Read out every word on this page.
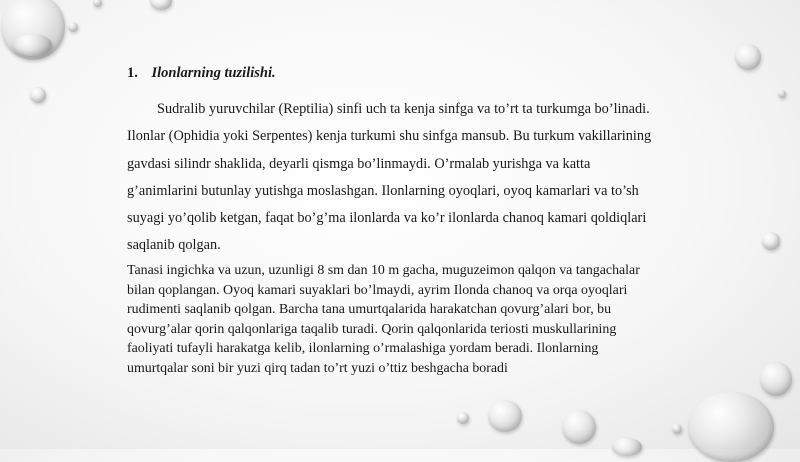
1. Ilonlarning tuzilishi.
Sudralib yuruvchilar (Reptilia) sinfi uch ta kenja sinfga va to’rt ta turkumga bo’linadi. Ilonlar (Ophidia yoki Serpentes) kenja turkumi shu sinfga mansub. Bu turkum vakillarining gavdasi silindr shaklida, deyarli qismga bo’linmaydi. O’rmalab yurishga va katta g’animlarini butunlay yutishga moslashgan. Ilonlarning oyoqlari, oyoq kamarlari va to’sh suyagi yo’qolib ketgan, faqat bo’g’ma ilonlarda va ko’r ilonlarda chanoq kamari qoldiqlari saqlanib qolgan.
Tanasi ingichka va uzun, uzunligi 8 sm dan 10 m gacha, muguzeimon qalqon va tangachalar bilan qoplangan. Oyoq kamari suyaklari bo’lmaydi, ayrim Ilonda chanoq va orqa oyoqlari rudimenti saqlanib qolgan. Barcha tana umurtqalarida harakatchan qovurg’alari bor, bu qovurg’alar qorin qalqonlariga taqalib turadi. Qorin qalqonlarida teriosti muskullarining faoliyati tufayli harakatga kelib, ilonlarning o’rmalashiga yordam beradi. Ilonlarning umurtqalar soni bir yuzi qirq tadan to’rt yuzi o’ttiz beshgacha boradi
